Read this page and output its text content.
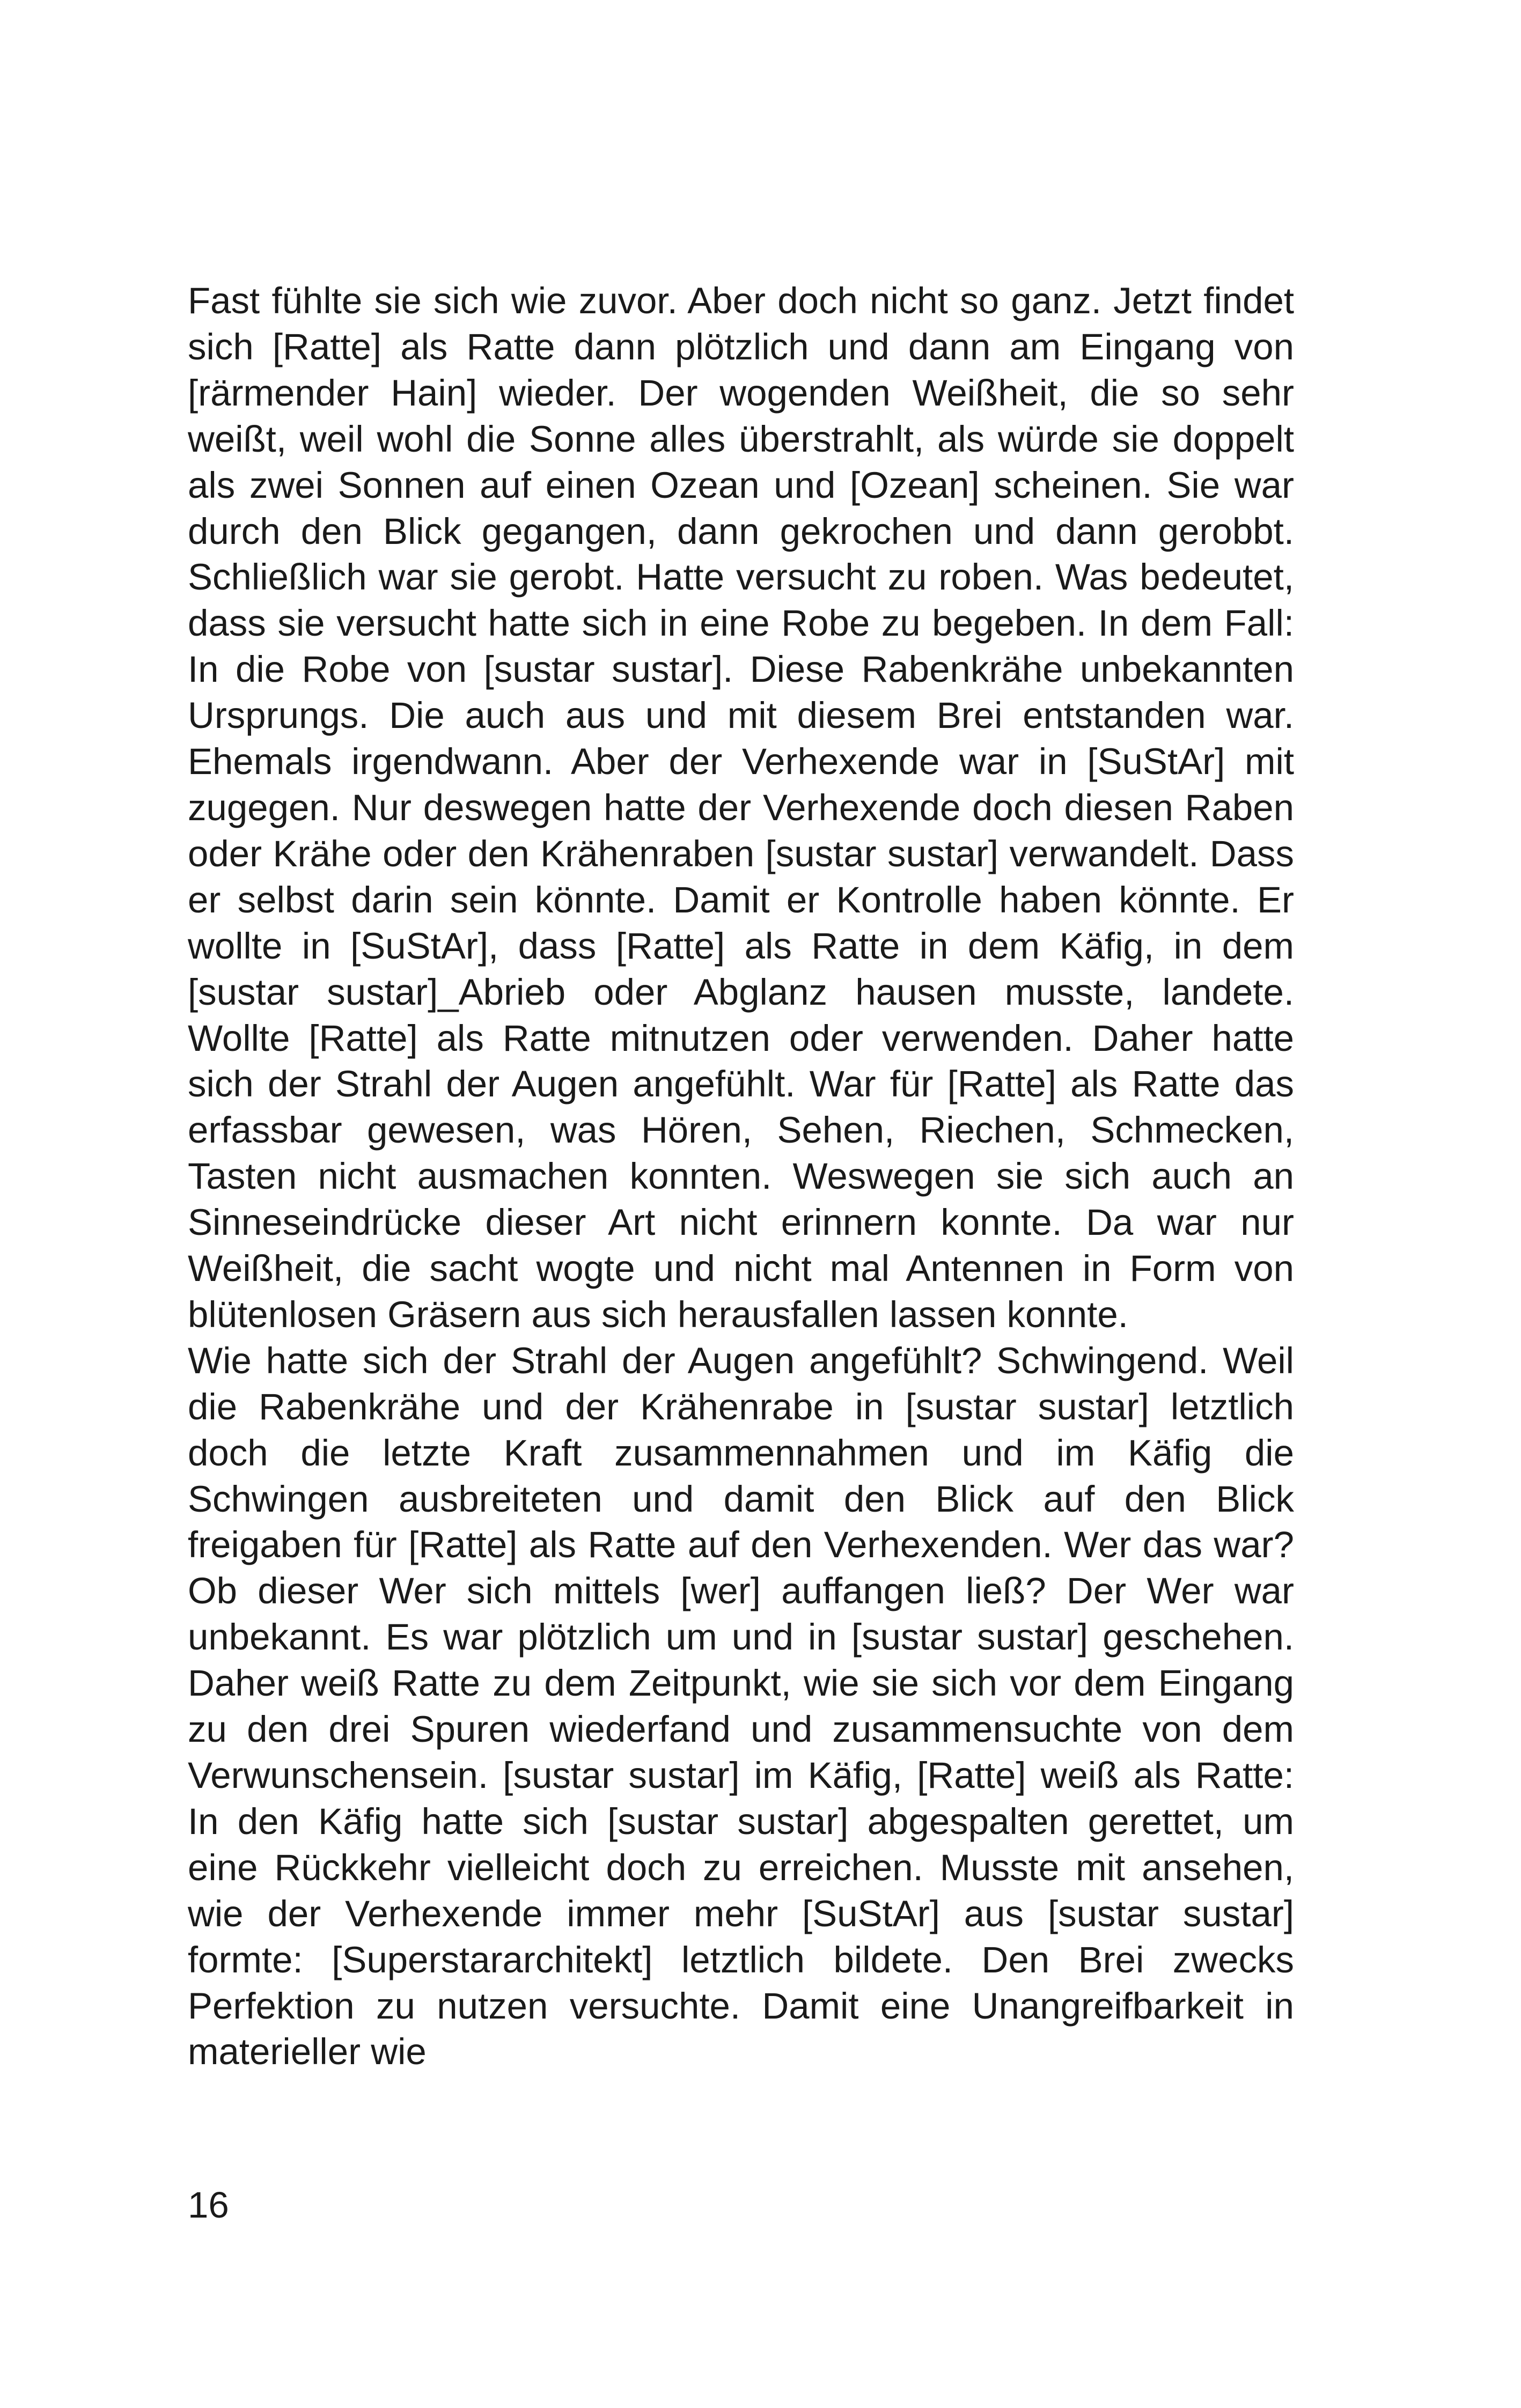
Fast fühlte sie sich wie zuvor. Aber doch nicht so ganz. Jetzt findet sich [Ratte] als Ratte dann plötzlich und dann am Eingang von [rärmender Hain] wieder. Der wogenden Weißheit, die so sehr weißt, weil wohl die Sonne alles überstrahlt, als würde sie doppelt als zwei Sonnen auf einen Ozean und [Ozean] scheinen. Sie war durch den Blick gegangen, dann gekrochen und dann gerobbt. Schließlich war sie gerobt. Hatte versucht zu roben. Was bedeutet, dass sie versucht hatte sich in eine Robe zu begeben. In dem Fall: In die Robe von [sustar sustar]. Diese Rabenkrähe unbekannten Ursprungs. Die auch aus und mit diesem Brei entstanden war. Ehemals irgendwann. Aber der Verhexende war in [SuStAr] mit zugegen. Nur deswegen hatte der Verhexende doch diesen Raben oder Krähe oder den Krähenraben [sustar sustar] verwandelt. Dass er selbst darin sein könnte. Damit er Kontrolle haben könnte. Er wollte in [SuStAr], dass [Ratte] als Ratte in dem Käfig, in dem [sustar sustar]_Abrieb oder Abglanz hausen musste, landete. Wollte [Ratte] als Ratte mitnutzen oder verwenden. Daher hatte sich der Strahl der Augen angefühlt. War für [Ratte] als Ratte das erfassbar gewesen, was Hören, Sehen, Riechen, Schmecken, Tasten nicht ausmachen konnten. Weswegen sie sich auch an Sinneseindrücke dieser Art nicht erinnern konnte. Da war nur Weißheit, die sacht wogte und nicht mal Antennen in Form von blütenlosen Gräsern aus sich herausfallen lassen konnte.

Wie hatte sich der Strahl der Augen angefühlt? Schwingend. Weil die Rabenkrähe und der Krähenrabe in [sustar sustar] letztlich doch die letzte Kraft zusammennahmen und im Käfig die Schwingen ausbreiteten und damit den Blick auf den Blick freigaben für [Ratte] als Ratte auf den Verhexenden. Wer das war? Ob dieser Wer sich mittels [wer] auffangen ließ? Der Wer war unbekannt. Es war plötzlich um und in [sustar sustar] geschehen. Daher weiß Ratte zu dem Zeitpunkt, wie sie sich vor dem Eingang zu den drei Spuren wiederfand und zusammensuchte von dem Verwunschensein. [sustar sustar] im Käfig, [Ratte] weiß als Ratte: In den Käfig hatte sich [sustar sustar] abgespalten gerettet, um eine Rückkehr vielleicht doch zu erreichen. Musste mit ansehen, wie der Verhexende immer mehr [SuStAr] aus [sustar sustar] formte: [Superstararchitekt] letztlich bildete. Den Brei zwecks Perfektion zu nutzen versuchte. Damit eine Unangreifbarkeit in materieller wie

16
